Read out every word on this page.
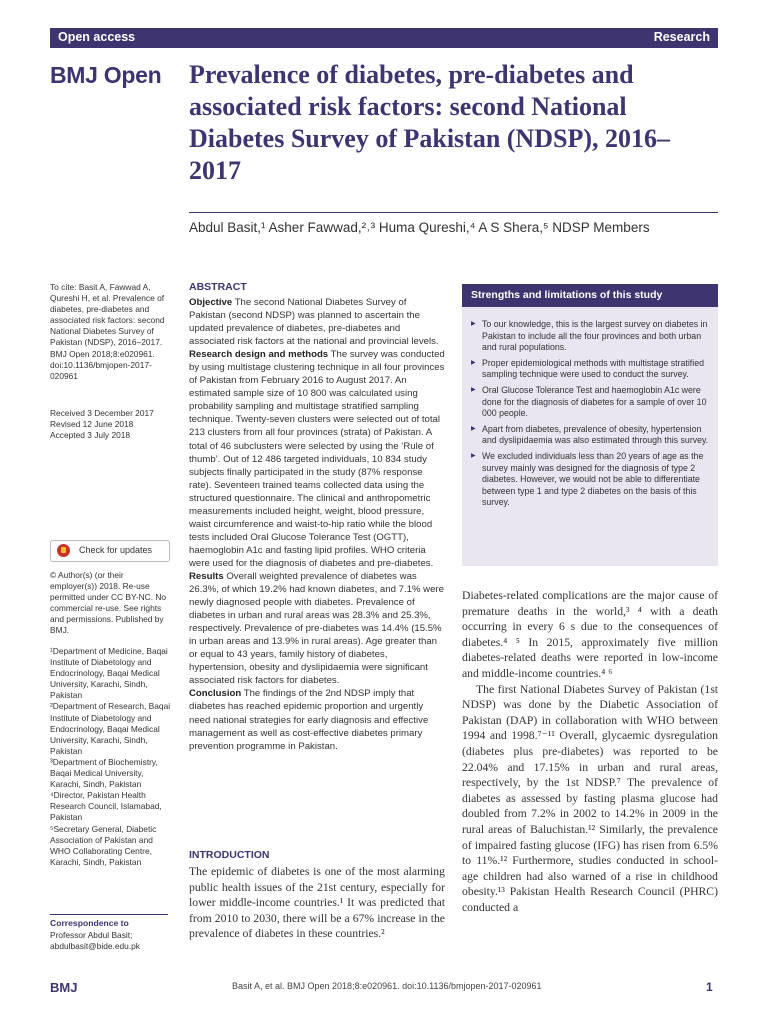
Open access	Research
BMJ Open Prevalence of diabetes, pre-diabetes and associated risk factors: second National Diabetes Survey of Pakistan (NDSP), 2016–2017
Abdul Basit,¹ Asher Fawwad,²˒³ Huma Qureshi,⁴ A S Shera,⁵ NDSP Members

To cite: Basit A, Fawwad A, Qureshi H, et al. Prevalence of diabetes, pre-diabetes and associated risk factors: second National Diabetes Survey of Pakistan (NDSP), 2016–2017. BMJ Open 2018;8:e020961. doi:10.1136/bmjopen-2017-020961

Received 3 December 2017

Revised 12 June 2018

Accepted 3 July 2018

Check for updates

© Author(s) (or their employer(s)) 2018. Re-use permitted under CC BY-NC. No commercial re-use. See rights and permissions. Published by BMJ.

¹Department of Medicine, Baqai Institute of Diabetology and Endocrinology, Baqai Medical University, Karachi, Sindh, Pakistan

²Department of Research, Baqai Institute of Diabetology and Endocrinology, Baqai Medical University, Karachi, Sindh, Pakistan

³Department of Biochemistry, Baqai Medical University, Karachi, Sindh, Pakistan

⁴Director, Pakistan Health Research Council, Islamabad, Pakistan

⁵Secretary General, Diabetic Association of Pakistan and WHO Collaborating Centre, Karachi, Sindh, Pakistan

Correspondence to
Professor Abdul Basit;
abdulbasit@bide.edu.pk
ABSTRACT

Objective The second National Diabetes Survey of Pakistan (second NDSP) was planned to ascertain the updated prevalence of diabetes, pre-diabetes and associated risk factors at the national and provincial levels.

Research design and methods The survey was conducted by using multistage clustering technique in all four provinces of Pakistan from February 2016 to August 2017. An estimated sample size of 10 800 was calculated using probability sampling and multistage stratified sampling technique. Twenty-seven clusters were selected out of total 213 clusters from all four provinces (strata) of Pakistan. A total of 46 subclusters were selected by using the ‘Rule of thumb’. Out of 12 486 targeted individuals, 10 834 study subjects finally participated in the study (87% response rate). Seventeen trained teams collected data using the structured questionnaire. The clinical and anthropometric measurements included height, weight, blood pressure, waist circumference and waist-to-hip ratio while the blood tests included Oral Glucose Tolerance Test (OGTT), haemoglobin A1c and fasting lipid profiles. WHO criteria were used for the diagnosis of diabetes and pre-diabetes.

Results Overall weighted prevalence of diabetes was 26.3%, of which 19.2% had known diabetes, and 7.1% were newly diagnosed people with diabetes. Prevalence of diabetes in urban and rural areas was 28.3% and 25.3%, respectively. Prevalence of pre-diabetes was 14.4% (15.5% in urban areas and 13.9% in rural areas). Age greater than or equal to 43 years, family history of diabetes, hypertension, obesity and dyslipidaemia were significant associated risk factors for diabetes.

Conclusion The findings of the 2nd NDSP imply that diabetes has reached epidemic proportion and urgently need national strategies for early diagnosis and effective management as well as cost-effective diabetes primary prevention programme in Pakistan.

Strengths and limitations of this study
▶ To our knowledge, this is the largest survey on diabetes in Pakistan to include all the four provinces and both urban and rural populations.
▶ Proper epidemiological methods with multistage stratified sampling technique were used to conduct the survey.
▶ Oral Glucose Tolerance Test and haemoglobin A1c were done for the diagnosis of diabetes for a sample of over 10 000 people.
▶ Apart from diabetes, prevalence of obesity, hypertension and dyslipidaemia was also estimated through this survey.
▶ We excluded individuals less than 20 years of age as the survey mainly was designed for the diagnosis of type 2 diabetes. However, we would not be able to differentiate between type 1 and type 2 diabetes on the basis of this survey.
INTRODUCTION

The epidemic of diabetes is one of the most alarming public health issues of the 21st century, especially for lower middle-income countries.¹ It was predicted that from 2010 to 2030, there will be a 67% increase in the prevalence of diabetes in these countries.²

Diabetes-related complications are the major cause of premature deaths in the world,³ ⁴ with a death occurring in every 6 s due to the consequences of diabetes.⁴ ⁵ In 2015, approximately five million diabetes-related deaths were reported in low-income and middle-income countries.⁴ ⁶

The first National Diabetes Survey of Pakistan (1st NDSP) was done by the Diabetic Association of Pakistan (DAP) in collaboration with WHO between 1994 and 1998.⁷⁻¹¹ Overall, glycaemic dysregulation (diabetes plus pre-diabetes) was reported to be 22.04% and 17.15% in urban and rural areas, respectively, by the 1st NDSP.⁷ The prevalence of diabetes as assessed by fasting plasma glucose had doubled from 7.2% in 2002 to 14.2% in 2009 in the rural areas of Baluchistan.¹² Similarly, the prevalence of impaired fasting glucose (IFG) has risen from 6.5% to 11%.¹² Furthermore, studies conducted in school-age children had also warned of a rise in childhood obesity.¹³ Pakistan Health Research Council (PHRC) conducted a

BMJ	Basit A, et al. BMJ Open 2018;8:e020961. doi:10.1136/bmjopen-2017-020961	1
